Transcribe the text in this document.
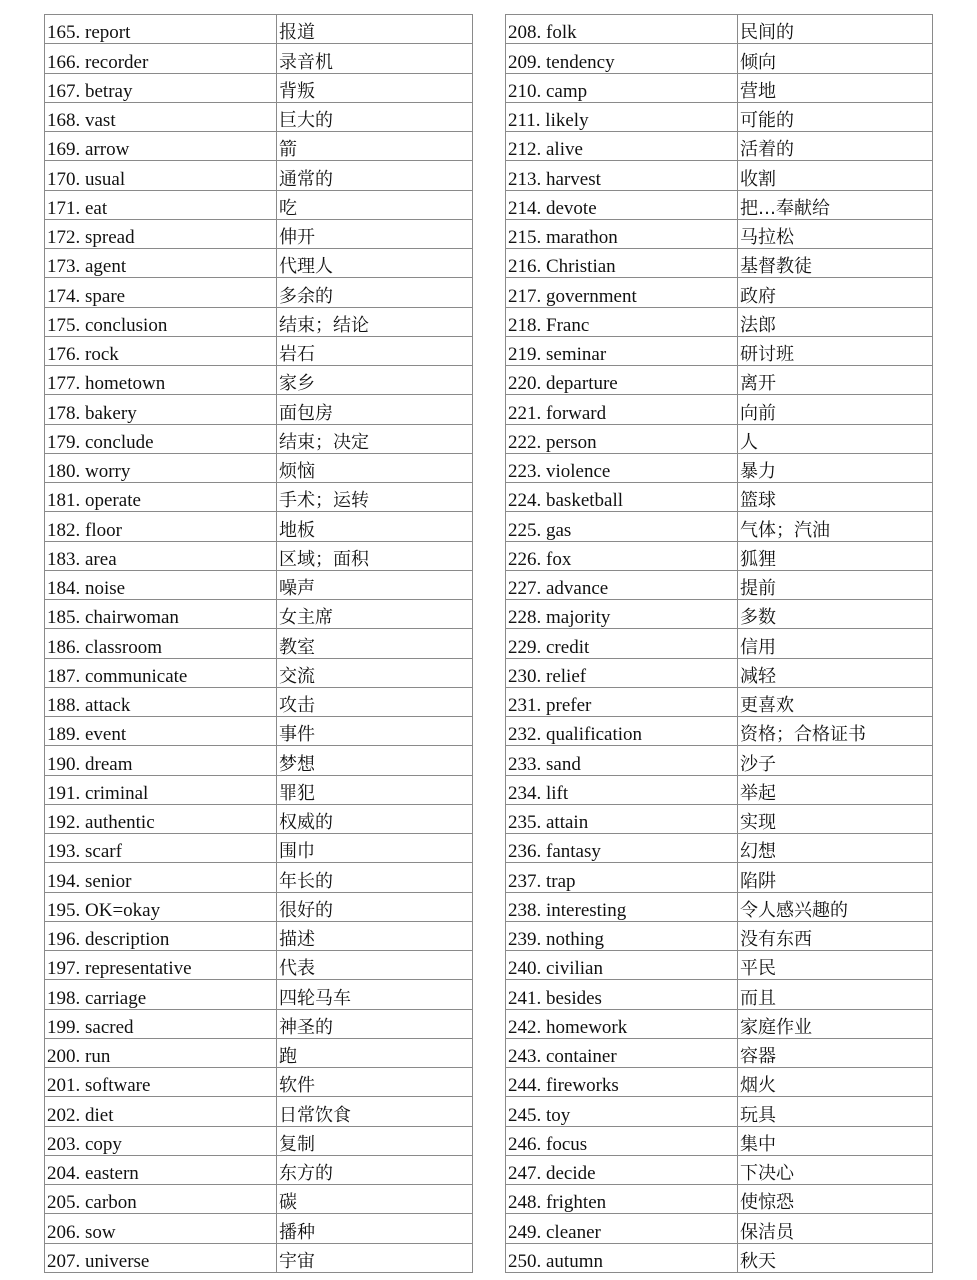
165. report	报道
166. recorder	录音机
167. betray	背叛
168. vast	巨大的
169. arrow	箭
170. usual	通常的
171. eat	吃
172. spread	伸开
173. agent	代理人
174. spare	多余的
175. conclusion	结束；结论
176. rock	岩石
177. hometown	家乡
178. bakery	面包房
179. conclude	结束；决定
180. worry	烦恼
181. operate	手术；运转
182. floor	地板
183. area	区域；面积
184. noise	噪声
185. chairwoman	女主席
186. classroom	教室
187. communicate	交流
188. attack	攻击
189. event	事件
190. dream	梦想
191. criminal	罪犯
192. authentic	权威的
193. scarf	围巾
194. senior	年长的
195. OK=okay	很好的
196. description	描述
197. representative	代表
198. carriage	四轮马车
199. sacred	神圣的
200. run	跑
201. software	软件
202. diet	日常饮食
203. copy	复制
204. eastern	东方的
205. carbon	碳
206. sow	播种
207. universe	宇宙
208. folk	民间的
209. tendency	倾向
210. camp	营地
211. likely	可能的
212. alive	活着的
213. harvest	收割
214. devote	把…奉献给
215. marathon	马拉松
216. Christian	基督教徒
217. government	政府
218. Franc	法郎
219. seminar	研讨班
220. departure	离开
221. forward	向前
222. person	人
223. violence	暴力
224. basketball	篮球
225. gas	气体；汽油
226. fox	狐狸
227. advance	提前
228. majority	多数
229. credit	信用
230. relief	减轻
231. prefer	更喜欢
232. qualification	资格；合格证书
233. sand	沙子
234. lift	举起
235. attain	实现
236. fantasy	幻想
237. trap	陷阱
238. interesting	令人感兴趣的
239. nothing	没有东西
240. civilian	平民
241. besides	而且
242. homework	家庭作业
243. container	容器
244. fireworks	烟火
245. toy	玩具
246. focus	集中
247. decide	下决心
248. frighten	使惊恐
249. cleaner	保洁员
250. autumn	秋天
